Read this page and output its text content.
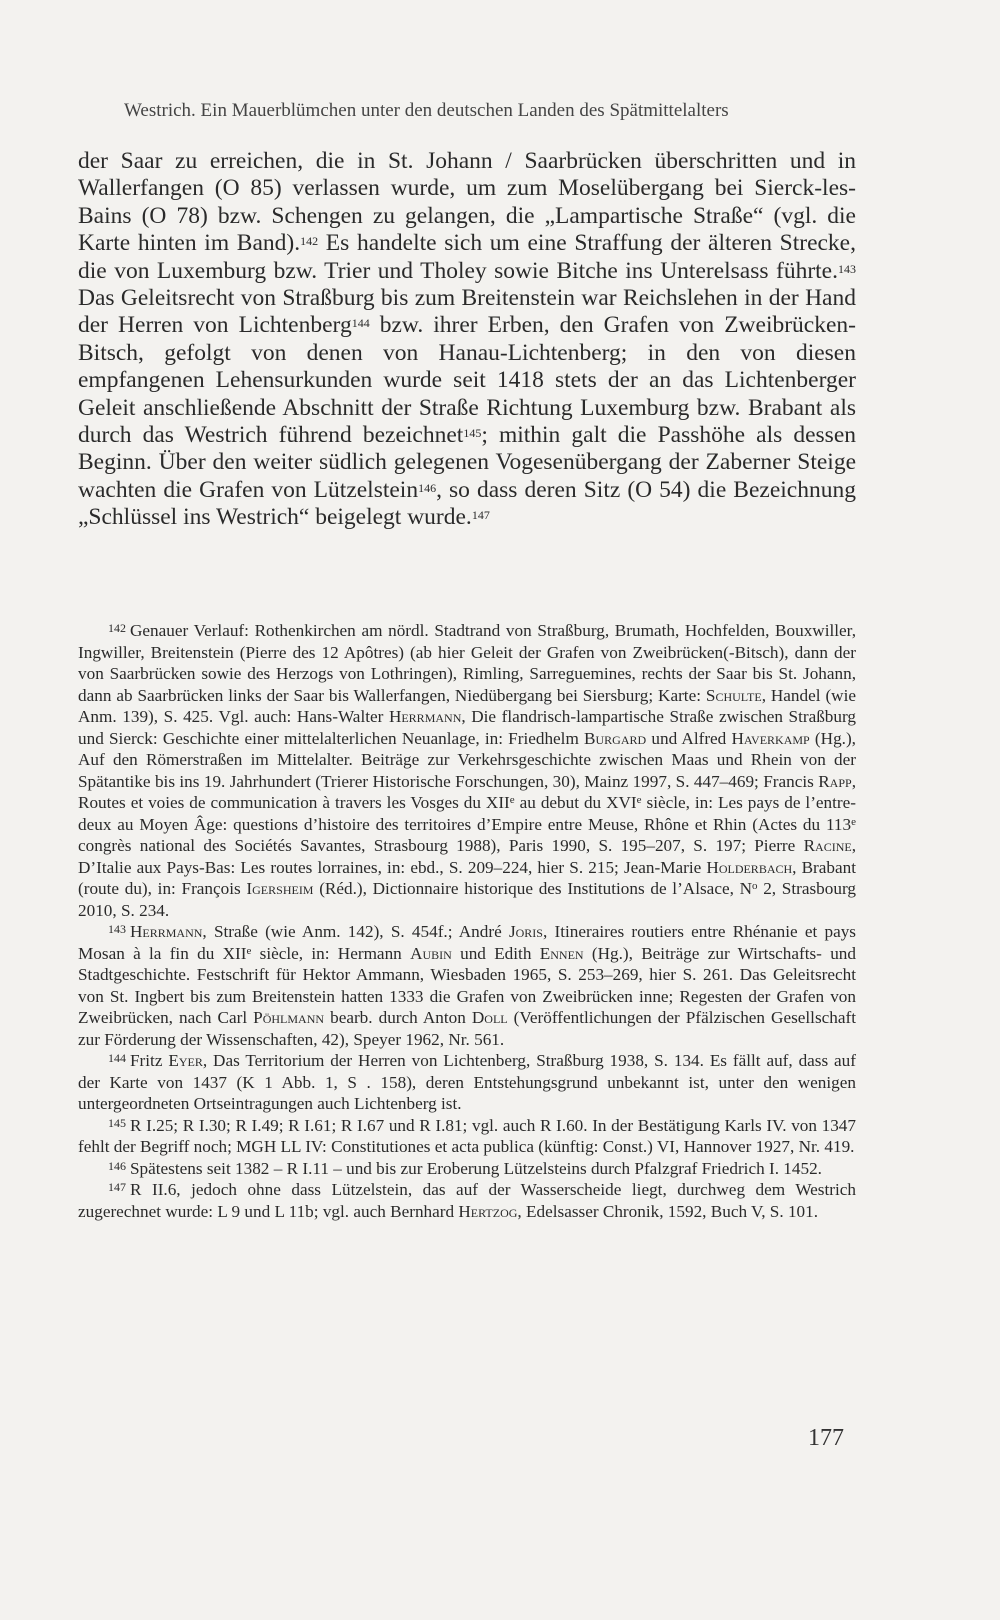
Westrich. Ein Mauerblümchen unter den deutschen Landen des Spätmittelalters

der Saar zu erreichen, die in St. Johann / Saarbrücken überschritten und in Wallerfangen (O 85) verlassen wurde, um zum Moselübergang bei Sierck-les-Bains (O 78) bzw. Schengen zu gelangen, die „Lampartische Straße“ (vgl. die Karte hinten im Band).$^{142}$ Es handelte sich um eine Straffung der älteren Strecke, die von Luxemburg bzw. Trier und Tholey sowie Bitche ins Unterelsass führte.$^{143}$ Das Geleitsrecht von Straßburg bis zum Breitenstein war Reichslehen in der Hand der Herren von Lichtenberg$^{144}$ bzw. ihrer Erben, den Grafen von Zweibrücken-Bitsch, gefolgt von denen von Hanau-Lichtenberg; in den von diesen empfangenen Lehensurkunden wurde seit 1418 stets der an das Lichtenberger Geleit anschließende Abschnitt der Straße Richtung Luxemburg bzw. Brabant als durch das Westrich führend bezeichnet$^{145}$; mithin galt die Passhöhe als dessen Beginn. Über den weiter südlich gelegenen Vogesenübergang der Zaberner Steige wachten die Grafen von Lützelstein$^{146}$, so dass deren Sitz (O 54) die Bezeichnung „Schlüssel ins Westrich“ beigelegt wurde.$^{147}$

$^{142}$ Genauer Verlauf: Rothenkirchen am nördl. Stadtrand von Straßburg, Brumath, Hochfelden, Bouxwiller, Ingwiller, Breitenstein (Pierre des 12 Apôtres) (ab hier Geleit der Grafen von Zweibrücken(-Bitsch), dann der von Saarbrücken sowie des Herzogs von Lothringen), Rimling, Sarreguemines, rechts der Saar bis St. Johann, dann ab Saarbrücken links der Saar bis Wallerfangen, Niedübergang bei Siersburg; Karte: Schulte, Handel (wie Anm. 139), S. 425. Vgl. auch: Hans-Walter Herrmann, Die flandrisch-lampartische Straße zwischen Straßburg und Sierck: Geschichte einer mittelalterlichen Neuanlage, in: Friedhelm Burgard und Alfred Haverkamp (Hg.), Auf den Römerstraßen im Mittelalter. Beiträge zur Verkehrsgeschichte zwischen Maas und Rhein von der Spätantike bis ins 19. Jahrhundert (Trierer Historische Forschungen, 30), Mainz 1997, S. 447–469; Francis Rapp, Routes et voies de communication à travers les Vosges du XIIe au debut du XVIe siècle, in: Les pays de l’entre-deux au Moyen Âge: questions d’histoire des territoires d’Empire entre Meuse, Rhône et Rhin (Actes du 113e congrès national des Sociétés Savantes, Strasbourg 1988), Paris 1990, S. 195–207, S. 197; Pierre Racine, D’Italie aux Pays-Bas: Les routes lorraines, in: ebd., S. 209–224, hier S. 215; Jean-Marie Holderbach, Brabant (route du), in: François Igersheim (Réd.), Dictionnaire historique des Institutions de l’Alsace, $N^o$ 2, Strasbourg 2010, S. 234.

$^{143}$ Herrmann, Straße (wie Anm. 142), S. 454f.; André Joris, Itineraires routiers entre Rhénanie et pays Mosan à la fin du XIIe siècle, in: Hermann Aubin und Edith Ennen (Hg.), Beiträge zur Wirtschafts- und Stadtgeschichte. Festschrift für Hektor Ammann, Wiesbaden 1965, S. 253–269, hier S. 261. Das Geleitsrecht von St. Ingbert bis zum Breitenstein hatten 1333 die Grafen von Zweibrücken inne; Regesten der Grafen von Zweibrücken, nach Carl Pöhlmann bearb. durch Anton Doll (Veröffentlichungen der Pfälzischen Gesellschaft zur Förderung der Wissenschaften, 42), Speyer 1962, Nr. 561.

$^{144}$ Fritz Eyer, Das Territorium der Herren von Lichtenberg, Straßburg 1938, S. 134. Es fällt auf, dass auf der Karte von 1437 (K 1 Abb. 1, S . 158), deren Entstehungsgrund unbekannt ist, unter den wenigen untergeordneten Ortseintragungen auch Lichtenberg ist.

$^{145}$ R I.25; R I.30; R I.49; R I.61; R I.67 und R I.81; vgl. auch R I.60. In der Bestätigung Karls IV. von 1347 fehlt der Begriff noch; MGH LL IV: Constitutiones et acta publica (künftig: Const.) VI, Hannover 1927, Nr. 419.

$^{146}$ Spätestens seit 1382 – R I.11 – und bis zur Eroberung Lützelsteins durch Pfalzgraf Friedrich I. 1452.

$^{147}$ R II.6, jedoch ohne dass Lützelstein, das auf der Wasserscheide liegt, durchweg dem Westrich zugerechnet wurde: L 9 und L 11b; vgl. auch Bernhard Hertzog, Edelsasser Chronik, 1592, Buch V, S. 101.

177
